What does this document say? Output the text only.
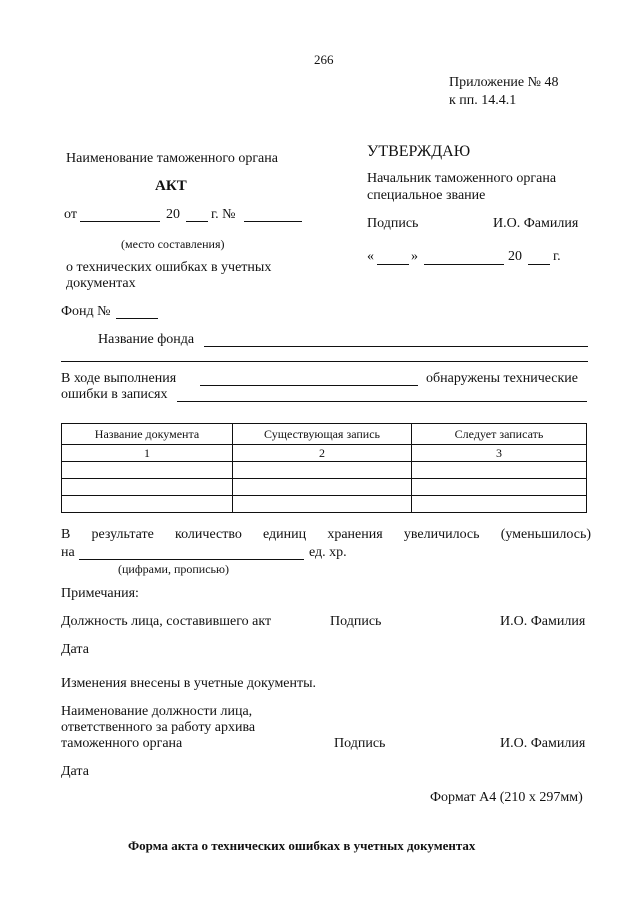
266
Приложение № 48
к пп. 14.4.1
УТВЕРЖДАЮ
Начальник таможенного органа
специальное звание
Подпись	И.О. Фамилия
«	»	20 г.
Наименование таможенного органа
АКТ
от	20 г. №
(место составления)
о технических ошибках в учетных
документах
Фонд №
Название фонда
В ходе выполнения	обнаружены технические
ошибки в записях
Название документа	Существующая запись	Следует записать
1	2	3

В результате количество единиц хранения увеличилось (уменьшилось)
на	ед. хр.
(цифрами, прописью)
Примечания:
Должность лица, составившего акт	Подпись	И.О. Фамилия
Дата
Изменения внесены в учетные документы.
Наименование должности лица,
ответственного за работу архива
таможенного органа	Подпись	И.О. Фамилия
Дата
Формат А4 (210 х 297мм)
Форма акта о технических ошибках в учетных документах
